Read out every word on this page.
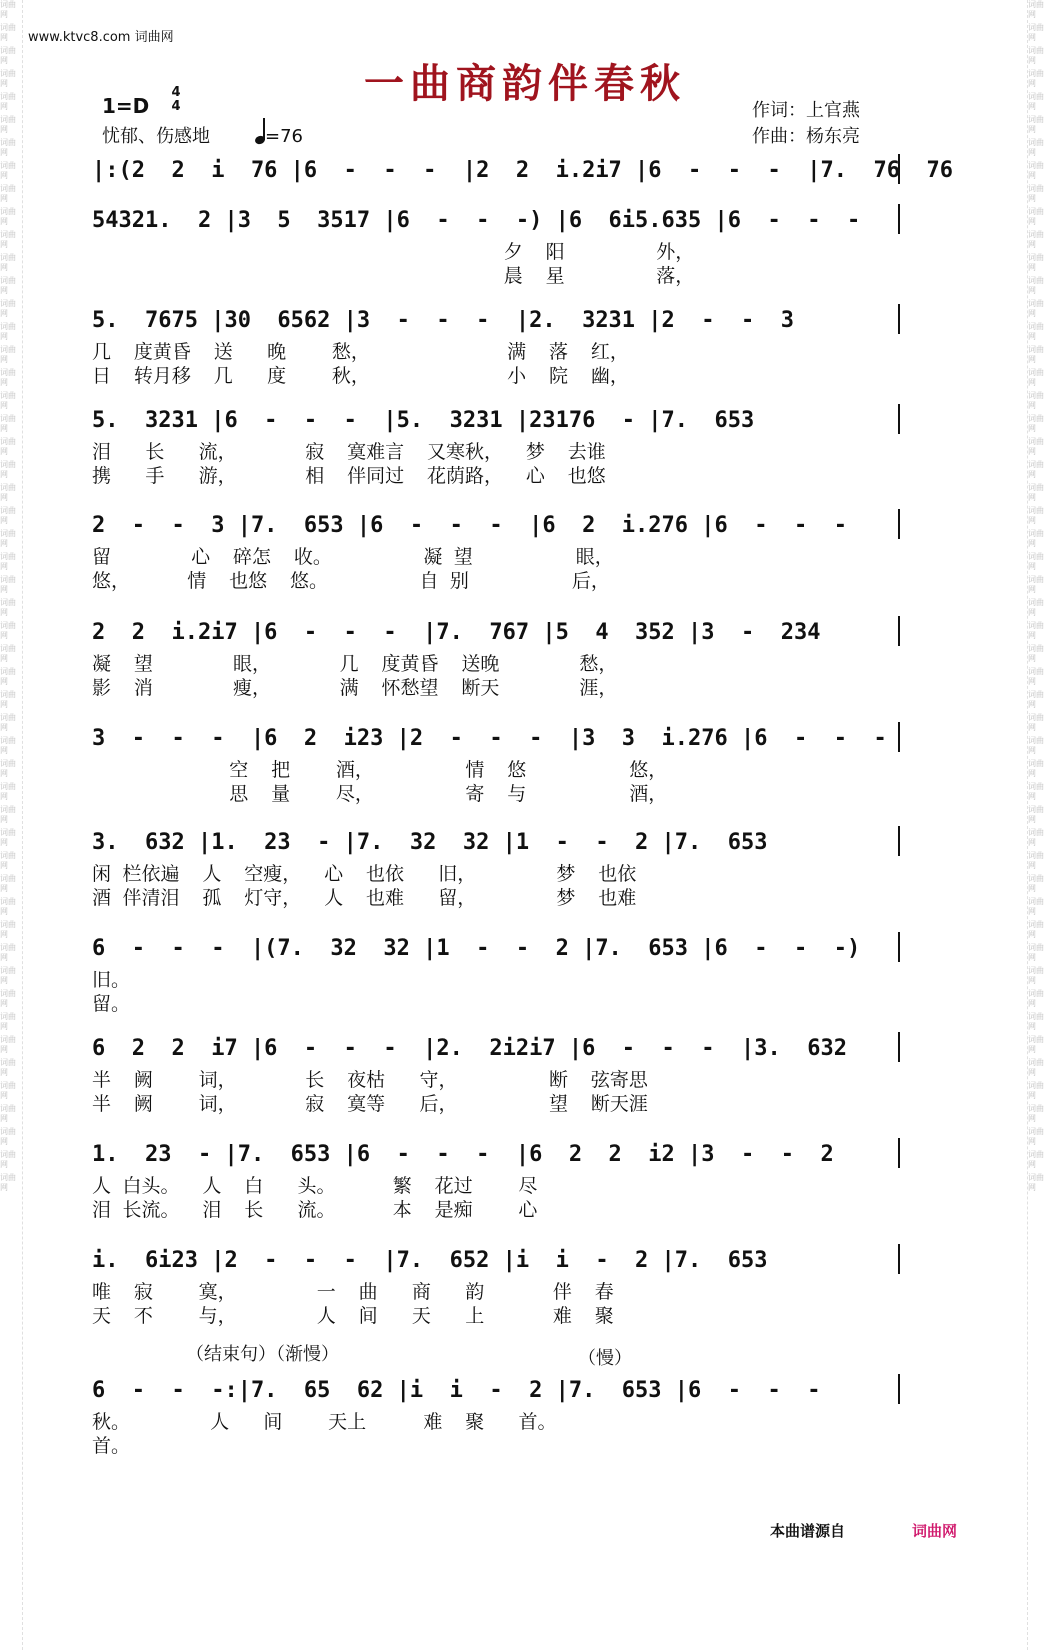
词曲网
词曲网
词曲网
词曲网
词曲网
词曲网
词曲网
词曲网
词曲网
词曲网
词曲网
词曲网
词曲网
词曲网
词曲网
词曲网
词曲网
词曲网
词曲网
词曲网
词曲网
词曲网
词曲网
词曲网
词曲网
词曲网
词曲网
词曲网
词曲网
词曲网
词曲网
词曲网
词曲网
词曲网
词曲网
词曲网
词曲网
词曲网
词曲网
词曲网
词曲网
词曲网
词曲网
词曲网
词曲网
词曲网
词曲网
词曲网
词曲网
词曲网
词曲网
词曲网
词曲网
词曲网
词曲网
词曲网
词曲网
词曲网
词曲网
词曲网
词曲网
词曲网
词曲网
词曲网
词曲网
词曲网
词曲网
词曲网
词曲网
词曲网
词曲网
词曲网
词曲网
词曲网
词曲网
词曲网
词曲网
词曲网
词曲网
词曲网
词曲网
词曲网
词曲网
词曲网
词曲网
词曲网
词曲网
词曲网
词曲网
词曲网
词曲网
词曲网
词曲网
词曲网
词曲网
词曲网
词曲网
词曲网
词曲网
词曲网
词曲网
词曲网
词曲网
词曲网
www.ktvc8.com 词曲网
一曲商韵伴春秋
1=D
4
4
忧郁、伤感地	=76
作词：上官燕
作曲：杨东亮
|:(2  2  i  76 |6  -  -  -  |2  2  i.2i7 |6  -  -  -  |7.  76  76
54321.  2 |3  5  3517 |6  -  -  -) |6  6i5.635 |6  -  -  -
夕  阳        外，
晨  星        落，
5.  7675 |30  6562 |3  -  -  -  |2.  3231 |2  -  -  3
几  度黄昏  送   晚    愁，            满  落  红，
日  转月移  几   度    秋，            小  院  幽，
5.  3231 |6  -  -  -  |5.  3231 |23176  - |7.  653
泪   长   流，      寂  寞难言  又寒秋，  梦  去谁
携   手   游，      相  伴同过  花荫路，  心  也悠
2  -  -  3 |7.  653 |6  -  -  -  |6  2  i.276 |6  -  -  -
留       心  碎怎  收。        凝 望         眼，
悠，     情  也悠  悠。        自 别         后，
2  2  i.2i7 |6  -  -  -  |7.  767 |5  4  352 |3  -  234
凝  望       眼，      几  度黄昏  送晚       愁，
影  消       瘦，      满  怀愁望  断天       涯，
3  -  -  -  |6  2  i23 |2  -  -  -  |3  3  i.276 |6  -  -  -
空  把    酒，        情  悠         悠，
思  量    尽，        寄  与         酒，
3.  632 |1.  23  - |7.  32  32 |1  -  -  2 |7.  653
闲 栏依遍  人  空瘦，  心  也依   旧，       梦  也依
酒 伴清泪  孤  灯守，  人  也难   留，       梦  也难
6  -  -  -  |(7.  32  32 |1  -  -  2 |7.  653 |6  -  -  -)
旧。
留。
6  2  2  i7 |6  -  -  -  |2.  2i2i7 |6  -  -  -  |3.  632
半  阙    词，      长  夜枯   守，        断  弦寄思
半  阙    词，      寂  寞等   后，        望  断天涯
1.  23  - |7.  653 |6  -  -  -  |6  2  2  i2 |3  -  -  2
人 白头。  人  白   头。     繁  花过    尽
泪 长流。  泪  长   流。     本  是痴    心
i.  6i23 |2  -  -  -  |7.  652 |i  i  -  2 |7.  653
唯  寂    寞，       一  曲   商   韵      伴  春
天  不    与，       人  间   天   上      难  聚
6  -  -  -:|7.  65  62 |i  i  -  2 |7.  653 |6  -  -  -
秋。       人   间    天上     难  聚   首。
首。
（结束句）（渐慢）	（慢）
本曲谱源自	词曲网
